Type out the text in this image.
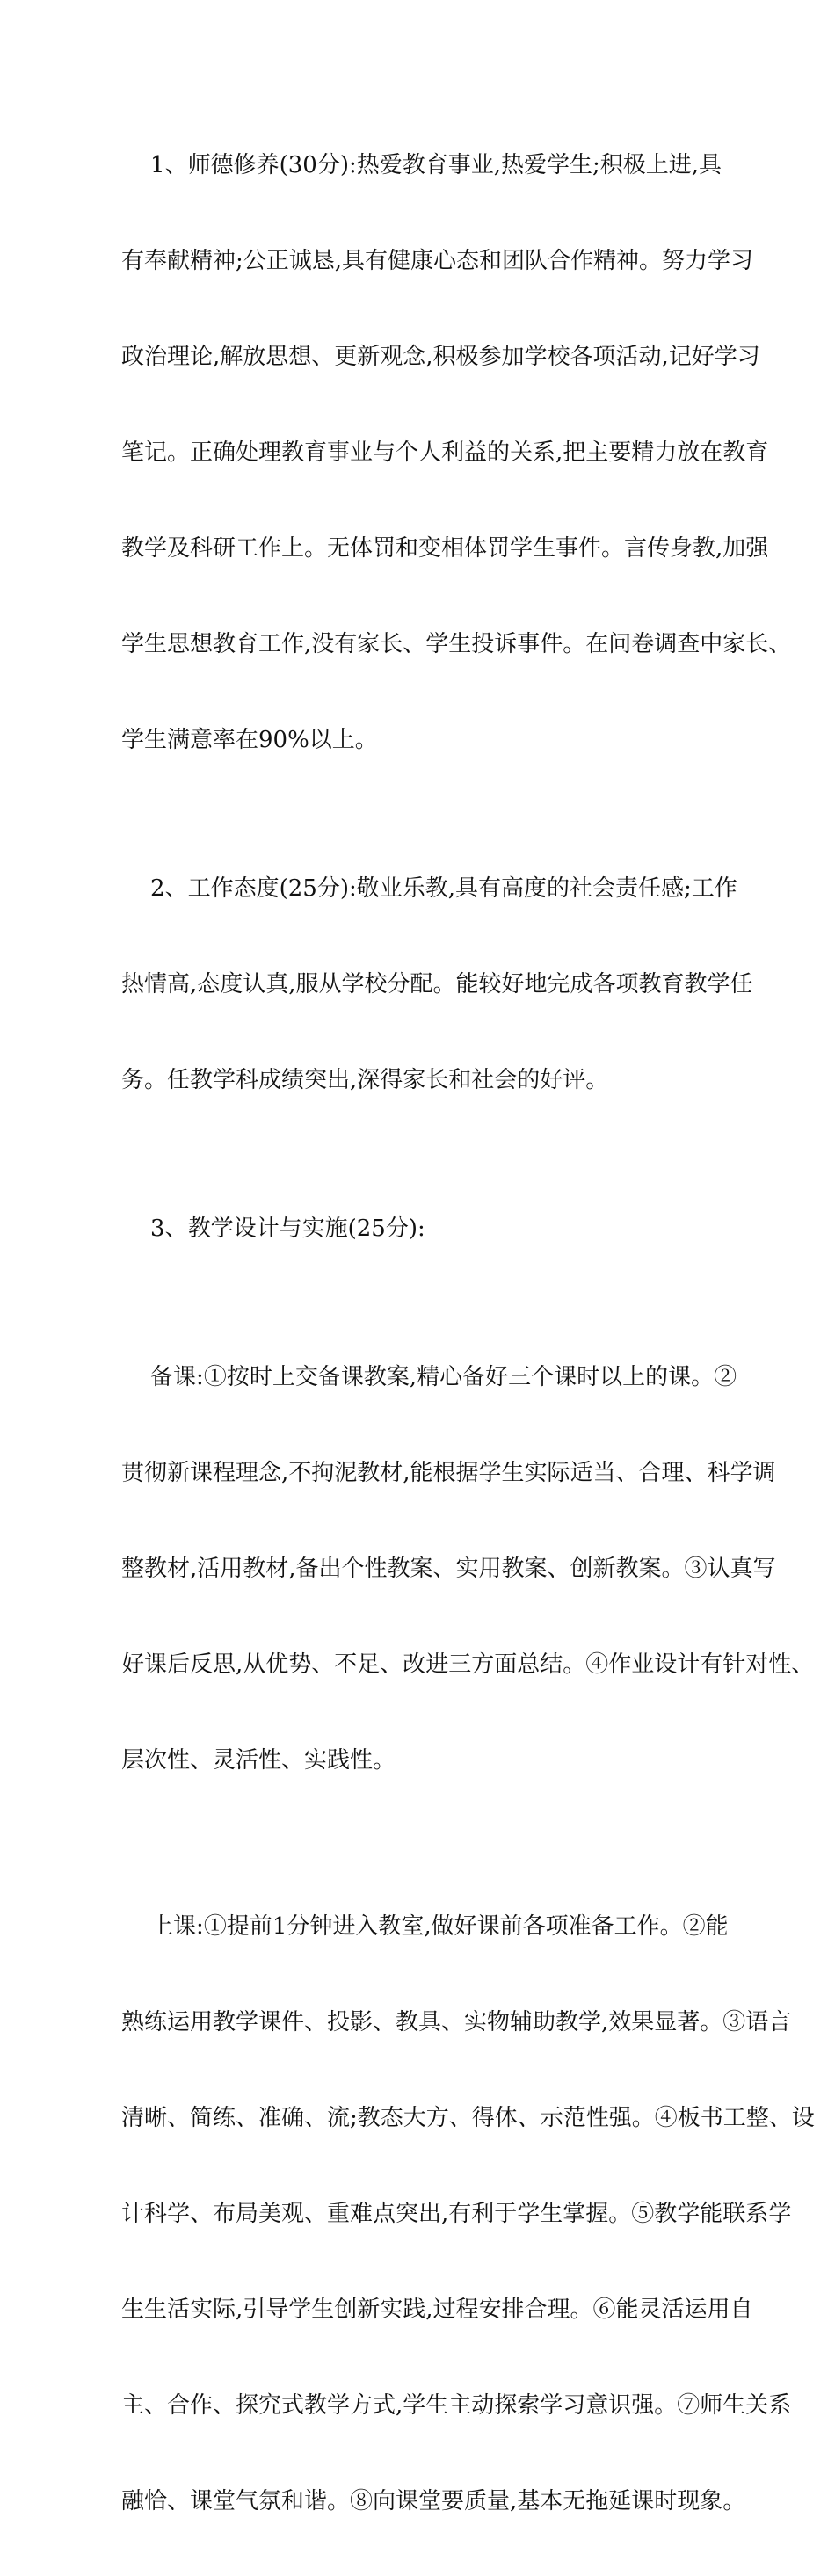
1、师德修养(30分):热爱教育事业,热爱学生;积极上进,具

有奉献精神;公正诚恳,具有健康心态和团队合作精神。努力学习

政治理论,解放思想、更新观念,积极参加学校各项活动,记好学习

笔记。正确处理教育事业与个人利益的关系,把主要精力放在教育

教学及科研工作上。无体罚和变相体罚学生事件。言传身教,加强

学生思想教育工作,没有家长、学生投诉事件。在问卷调查中家长、

学生满意率在90%以上。

2、工作态度(25分):敬业乐教,具有高度的社会责任感;工作

热情高,态度认真,服从学校分配。能较好地完成各项教育教学任

务。任教学科成绩突出,深得家长和社会的好评。

3、教学设计与实施(25分):

备课:①按时上交备课教案,精心备好三个课时以上的课。②

贯彻新课程理念,不拘泥教材,能根据学生实际适当、合理、科学调

整教材,活用教材,备出个性教案、实用教案、创新教案。③认真写

好课后反思,从优势、不足、改进三方面总结。④作业设计有针对性、

层次性、灵活性、实践性。

上课:①提前1分钟进入教室,做好课前各项准备工作。②能

熟练运用教学课件、投影、教具、实物辅助教学,效果显著。③语言

清晰、简练、准确、流;教态大方、得体、示范性强。④板书工整、设

计科学、布局美观、重难点突出,有利于学生掌握。⑤教学能联系学

生生活实际,引导学生创新实践,过程安排合理。⑥能灵活运用自

主、合作、探究式教学方式,学生主动探索学习意识强。⑦师生关系

融恰、课堂气氛和谐。⑧向课堂要质量,基本无拖延课时现象。
